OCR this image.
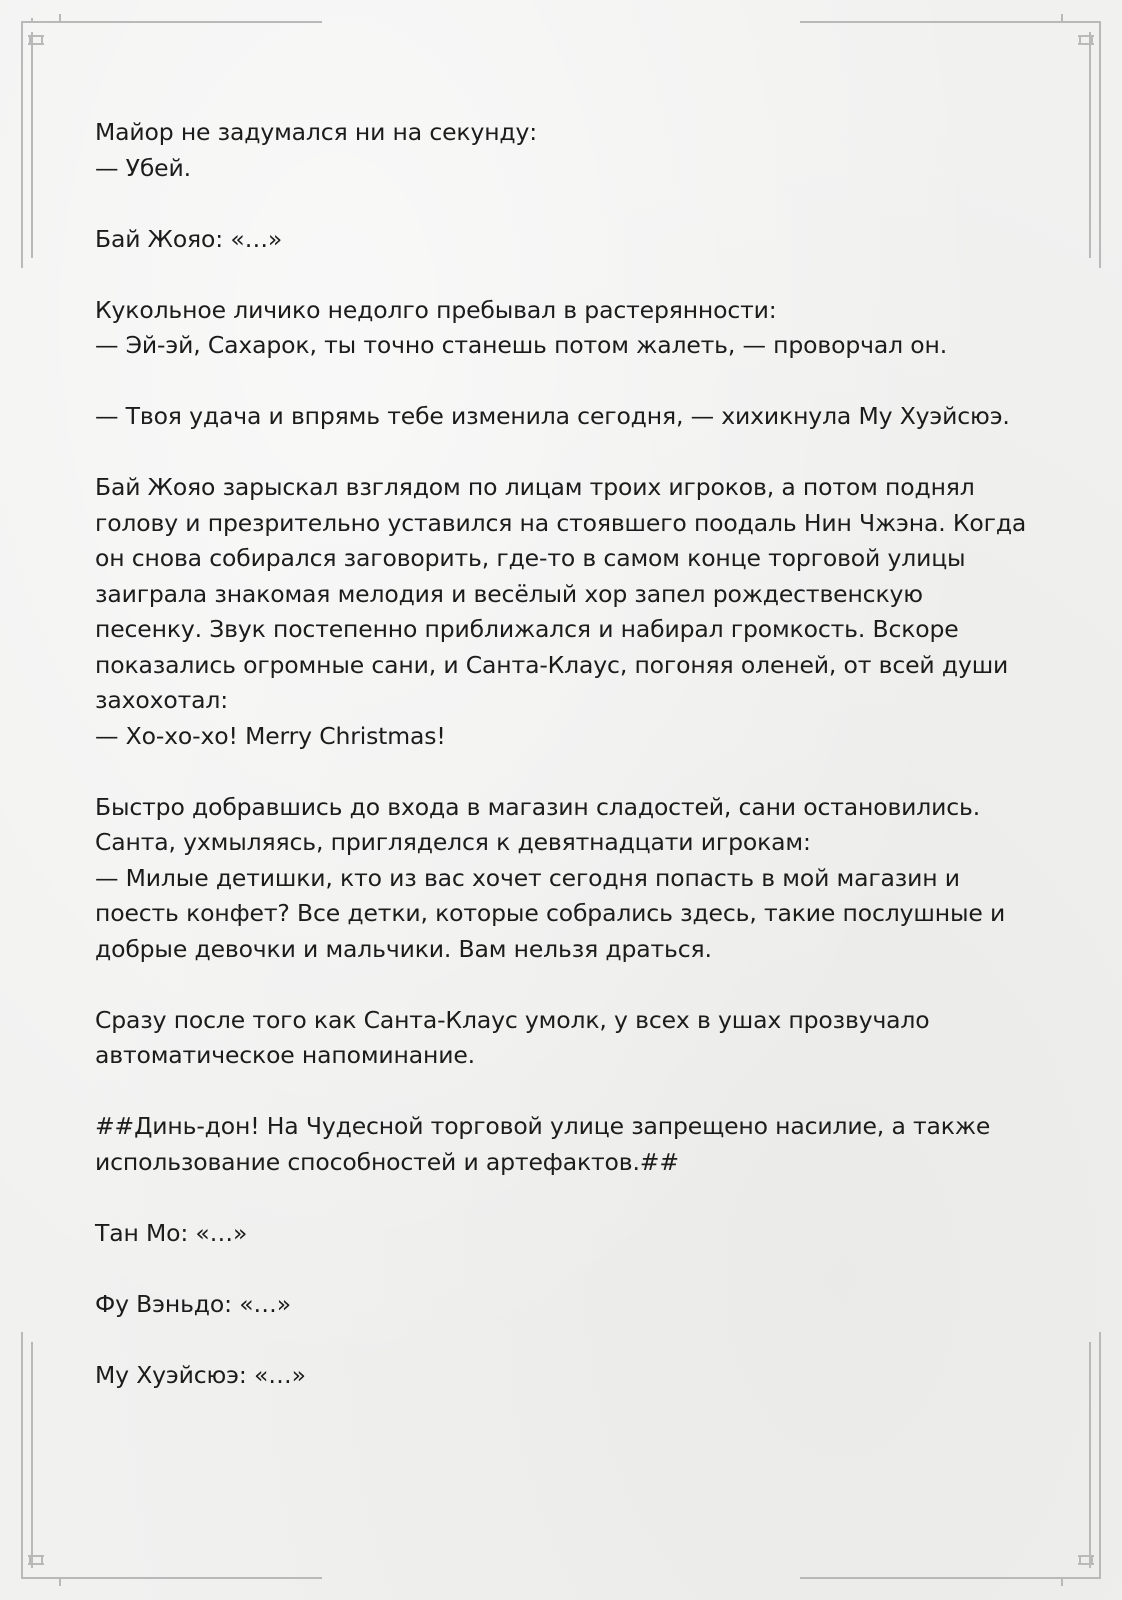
Майор не задумался ни на секунду:
— Убей.
Бай Жояо: «…»
Кукольное личико недолго пребывал в растерянности:
— Эй-эй, Сахарок, ты точно станешь потом жалеть, — проворчал он.
— Твоя удача и впрямь тебе изменила сегодня, — хихикнула Му Хуэйсюэ.
Бай Жояо зарыскал взглядом по лицам троих игроков, а потом поднял
голову и презрительно уставился на стоявшего поодаль Нин Чжэна. Когда
он снова собирался заговорить, где-то в самом конце торговой улицы
заиграла знакомая мелодия и весёлый хор запел рождественскую
песенку. Звук постепенно приближался и набирал громкость. Вскоре
показались огромные сани, и Санта-Клаус, погоняя оленей, от всей души
захохотал:
— Хо-хо-хо! Merry Christmas!
Быстро добравшись до входа в магазин сладостей, сани остановились.
Санта, ухмыляясь, пригляделся к девятнадцати игрокам:
— Милые детишки, кто из вас хочет сегодня попасть в мой магазин и
поесть конфет? Все детки, которые собрались здесь, такие послушные и
добрые девочки и мальчики. Вам нельзя драться.
Сразу после того как Санта-Клаус умолк, у всех в ушах прозвучало
автоматическое напоминание.
##Динь-дон! На Чудесной торговой улице запрещено насилие, а также
использование способностей и артефактов.##
Тан Мо: «…»
Фу Вэньдо: «…»
Му Хуэйсюэ: «…»
